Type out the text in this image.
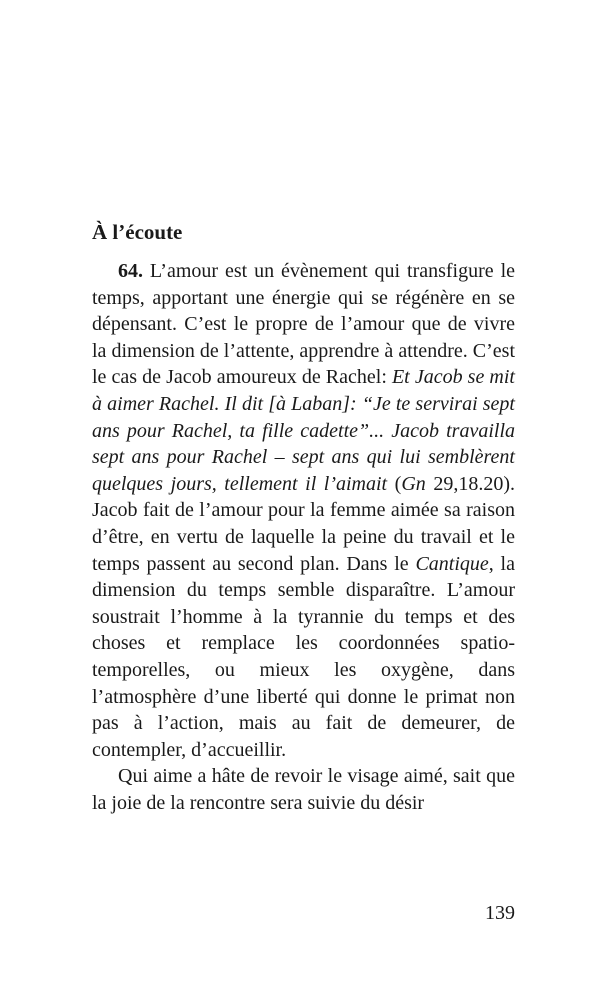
À l’écoute

64. L’amour est un évènement qui transfigure le temps, apportant une énergie qui se régénère en se dépensant. C’est le propre de l’amour que de vivre la dimension de l’attente, apprendre à attendre. C’est le cas de Jacob amoureux de Rachel: Et Jacob se mit à aimer Rachel. Il dit [à Laban]: “Je te servirai sept ans pour Rachel, ta fille cadette”... Jacob travailla sept ans pour Rachel – sept ans qui lui semblèrent quelques jours, tellement il l’aimait (Gn 29,18.20). Jacob fait de l’amour pour la femme aimée sa raison d’être, en vertu de laquelle la peine du travail et le temps passent au second plan. Dans le Cantique, la dimension du temps semble disparaître. L’amour soustrait l’homme à la tyrannie du temps et des choses et remplace les coordonnées spatio-temporelles, ou mieux les oxygène, dans l’atmosphère d’une liberté qui donne le primat non pas à l’action, mais au fait de demeurer, de contempler, d’accueillir.

Qui aime a hâte de revoir le visage aimé, sait que la joie de la rencontre sera suivie du désir

139
